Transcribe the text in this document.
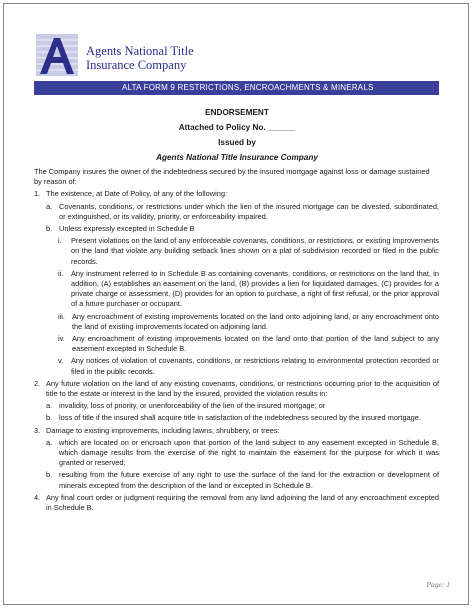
Agents National Title
Insurance Company
ALTA FORM 9 RESTRICTIONS, ENCROACHMENTS & MINERALS
ENDORSEMENT
Attached to Policy No. ______
Issued by
Agents National Title Insurance Company

The Company insures the owner of the indebtedness secured by the insured mortgage against loss or damage sustained by reason of:

1. The existence, at Date of Policy, of any of the following:
a. Covenants, conditions, or restrictions under which the lien of the insured mortgage can be divested, subordinated, or extinguished, or its validity, priority, or enforceability impaired.
b. Unless expressly excepted in Schedule B
i.	Present violations on the land of any enforceable covenants, conditions, or restrictions, or existing improvements on the land that violate any building setback lines shown on a plat of subdivision recorded or filed in the public records.
ii.	Any instrument referred to in Schedule B as containing covenants, conditions, or restrictions on the land that, in addition, (A) establishes an easement on the land, (B) provides a lien for liquidated damages, (C) provides for a private charge or assessment, (D) provides for an option to purchase, a right of first refusal, or the prior approval of a future purchaser or occupant.
iii. Any encroachment of existing improvements located on the land onto adjoining land, or any encroachment onto the land of existing improvements located on adjoining land.
iv. Any encroachment of existing improvements located on the land onto that portion of the land subject to any easement excepted in Schedule B.
v.	Any notices of violation of covenants, conditions, or restrictions relating to environmental protection recorded or filed in the public records.
2. Any future violation on the land of any existing covenants, conditions, or restrictions occurring prior to the acquisition of title to the estate or interest in the land by the insured, provided the violation results in:
a. invalidity, loss of priority, or unenforceability of the lien of the insured mortgage; or
b. loss of title if the insured shall acquire title in satisfaction of the indebtedness secured by the insured mortgage.
3. Damage to existing improvements, including lawns, shrubbery, or trees:
a. which are located on or encroach upon that portion of the land subject to any easement excepted in Schedule B, which damage results from the exercise of the right to maintain the easement for the purpose for which it was granted or reserved;
b. resulting from the future exercise of any right to use the surface of the land for the extraction or development of minerals excepted from the description of the land or excepted in Schedule B.
4. Any final court order or judgment requiring the removal from any land adjoining the land of any encroachment excepted in Schedule B.
Page: 1
